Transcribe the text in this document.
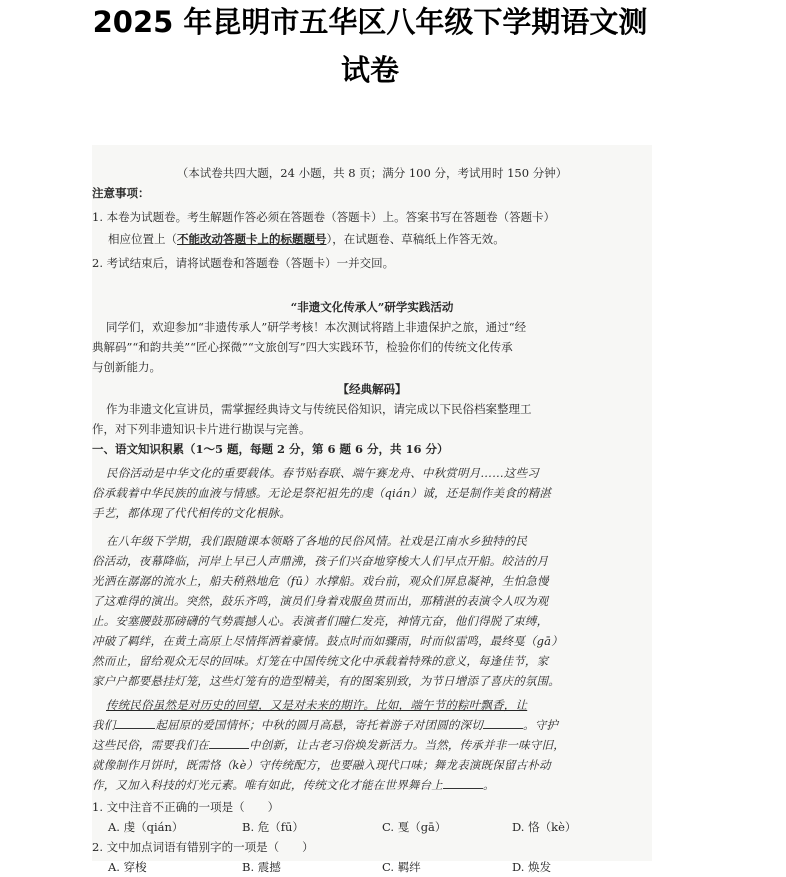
2025 年昆明市五华区八年级下学期语文测
试卷
（本试卷共四大题，24 小题，共 8 页；满分 100 分，考试用时 150 分钟）
注意事项：
1. 本卷为试题卷。考生解题作答必须在答题卷（答题卡）上。答案书写在答题卷（答题卡）
相应位置上（不能改动答题卡上的标题题号），在试题卷、草稿纸上作答无效。
2. 考试结束后，请将试题卷和答题卷（答题卡）一并交回。
“非遗文化传承人”研学实践活动
同学们，欢迎参加“非遗传承人”研学考核！本次测试将踏上非遗保护之旅，通过“经
典解码”“和韵共美”“匠心探微”“文旅创写”四大实践环节，检验你们的传统文化传承
与创新能力。
【经典解码】
作为非遗文化宣讲员，需掌握经典诗文与传统民俗知识，请完成以下民俗档案整理工
作，对下列非遗知识卡片进行勘误与完善。
一、语文知识积累（1～5 题，每题 2 分，第 6 题 6 分，共 16 分）
民俗活动是中华文化的重要载体。春节贴春联、端午赛龙舟、中秋赏明月……这些习
俗承载着中华民族的血液与情感。无论是祭祀祖先的虔（qián）诚，还是制作美食的精湛
手艺，都体现了代代相传的文化根脉。
在八年级下学期，我们跟随课本领略了各地的民俗风情。社戏是江南水乡独特的民
俗活动，夜幕降临，河岸上早已人声鼎沸，孩子们兴奋地穿梭大人们早点开船。皎洁的月
光洒在潺潺的流水上，船夫稍熟地危（fū）水撑船。戏台前，观众们屏息凝神，生怕急慢
了这难得的演出。突然，鼓乐齐鸣，演员们身着戏服鱼贯而出，那精湛的表演令人叹为观
止。安塞腰鼓那磅礴的气势震撼人心。表演者们瞳仁发亮，神情亢奋，他们得脱了束缚，
冲破了羁绊，在黄土高原上尽情挥洒着豪情。鼓点时而如骤雨，时而似雷鸣，最终戛（gā）
然而止，留给观众无尽的回味。灯笼在中国传统文化中承载着特殊的意义，每逢佳节，家
家户户都要悬挂灯笼，这些灯笼有的造型精美，有的图案别致，为节日增添了喜庆的氛围。
传统民俗虽然是对历史的回望，又是对未来的期许。比如，端午节的粽叶飘香，让
我们	起屈原的爱国情怀；中秋的圆月高悬，寄托着游子对团圆的深切	。守护
这些民俗，需要我们在	中创新，让古老习俗焕发新活力。当然，传承并非一味守旧，
就像制作月饼时，既需恪（kè）守传统配方，也要融入现代口味；舞龙表演既保留古朴动
作，又加入科技的灯光元素。唯有如此，传统文化才能在世界舞台上	。
1. 文中注音不正确的一项是（　　）
A. 虔（qián）	B. 危（fū）	C. 戛（gā）	D. 恪（kè）
2. 文中加点词语有错别字的一项是（　　）
A. 穿梭	B. 震撼	C. 羁绊	D. 焕发
